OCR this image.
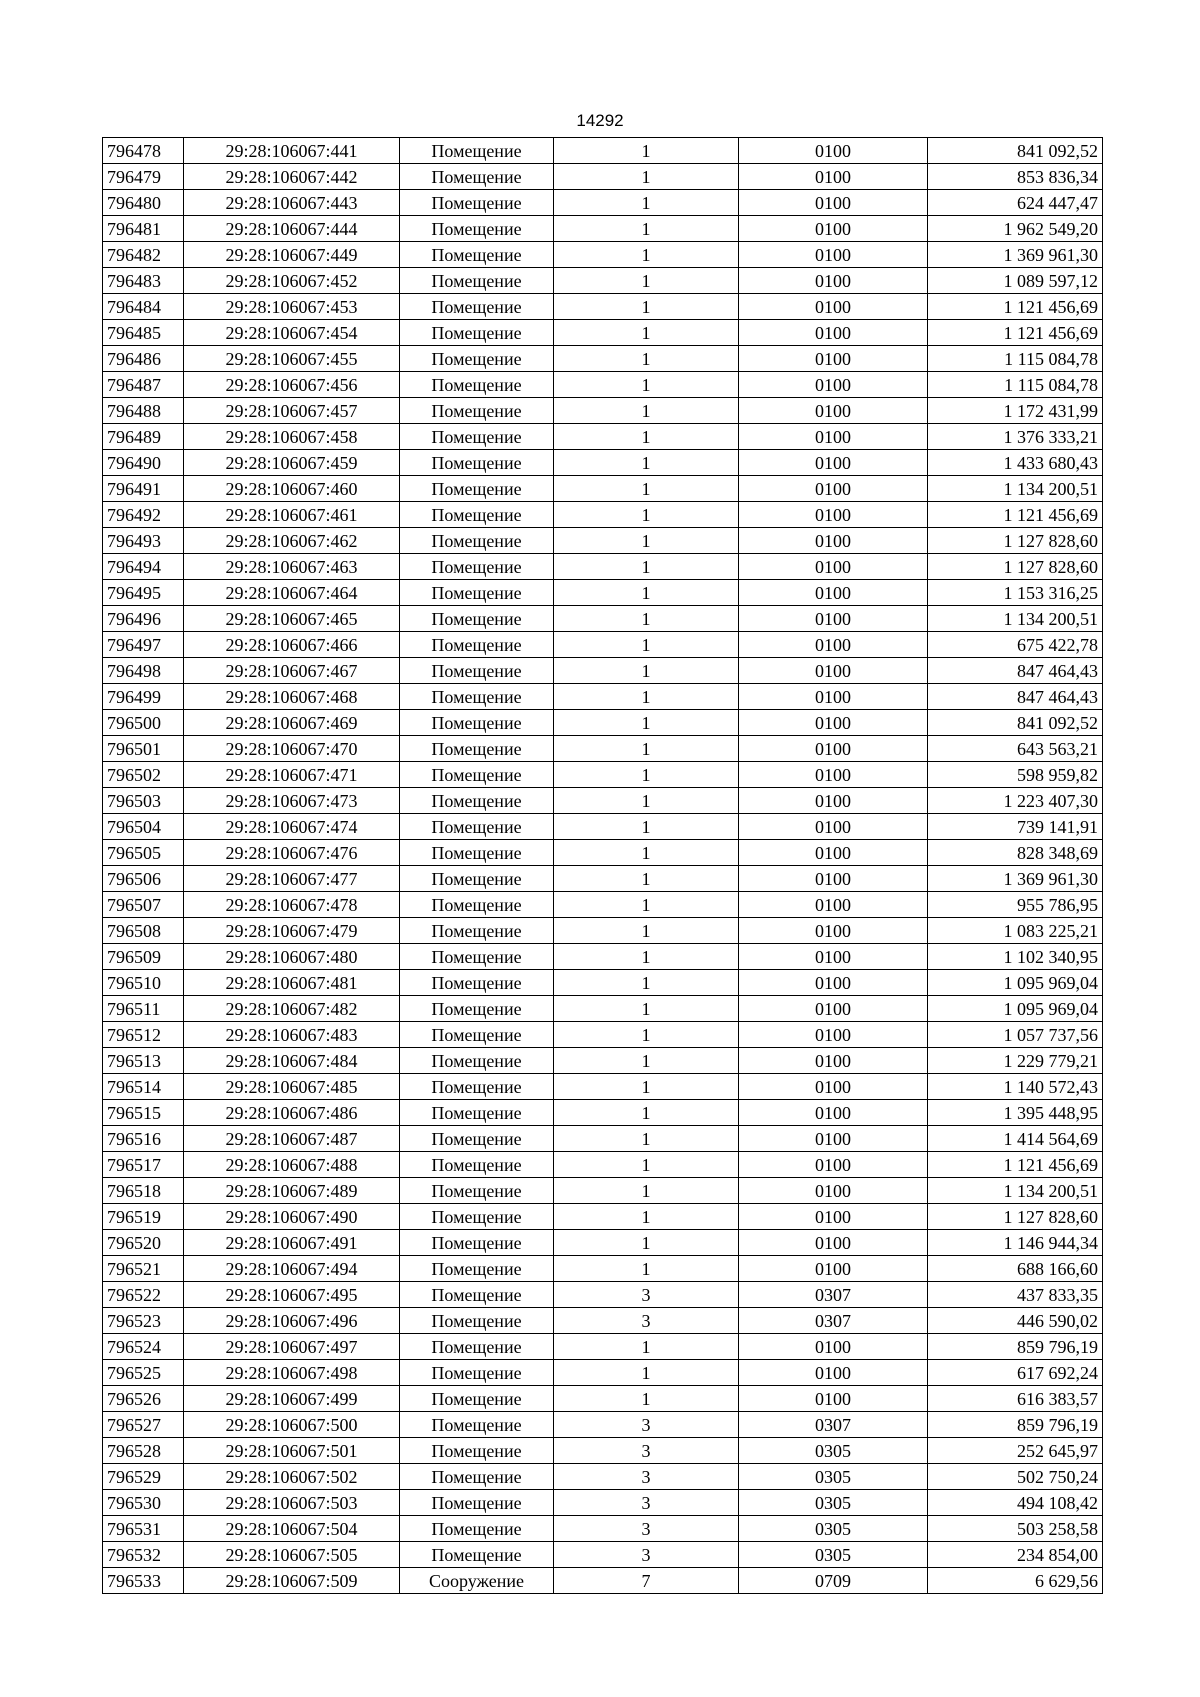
14292
796478	29:28:106067:441	Помещение	1	0100	841 092,52
796479	29:28:106067:442	Помещение	1	0100	853 836,34
796480	29:28:106067:443	Помещение	1	0100	624 447,47
796481	29:28:106067:444	Помещение	1	0100	1 962 549,20
796482	29:28:106067:449	Помещение	1	0100	1 369 961,30
796483	29:28:106067:452	Помещение	1	0100	1 089 597,12
796484	29:28:106067:453	Помещение	1	0100	1 121 456,69
796485	29:28:106067:454	Помещение	1	0100	1 121 456,69
796486	29:28:106067:455	Помещение	1	0100	1 115 084,78
796487	29:28:106067:456	Помещение	1	0100	1 115 084,78
796488	29:28:106067:457	Помещение	1	0100	1 172 431,99
796489	29:28:106067:458	Помещение	1	0100	1 376 333,21
796490	29:28:106067:459	Помещение	1	0100	1 433 680,43
796491	29:28:106067:460	Помещение	1	0100	1 134 200,51
796492	29:28:106067:461	Помещение	1	0100	1 121 456,69
796493	29:28:106067:462	Помещение	1	0100	1 127 828,60
796494	29:28:106067:463	Помещение	1	0100	1 127 828,60
796495	29:28:106067:464	Помещение	1	0100	1 153 316,25
796496	29:28:106067:465	Помещение	1	0100	1 134 200,51
796497	29:28:106067:466	Помещение	1	0100	675 422,78
796498	29:28:106067:467	Помещение	1	0100	847 464,43
796499	29:28:106067:468	Помещение	1	0100	847 464,43
796500	29:28:106067:469	Помещение	1	0100	841 092,52
796501	29:28:106067:470	Помещение	1	0100	643 563,21
796502	29:28:106067:471	Помещение	1	0100	598 959,82
796503	29:28:106067:473	Помещение	1	0100	1 223 407,30
796504	29:28:106067:474	Помещение	1	0100	739 141,91
796505	29:28:106067:476	Помещение	1	0100	828 348,69
796506	29:28:106067:477	Помещение	1	0100	1 369 961,30
796507	29:28:106067:478	Помещение	1	0100	955 786,95
796508	29:28:106067:479	Помещение	1	0100	1 083 225,21
796509	29:28:106067:480	Помещение	1	0100	1 102 340,95
796510	29:28:106067:481	Помещение	1	0100	1 095 969,04
796511	29:28:106067:482	Помещение	1	0100	1 095 969,04
796512	29:28:106067:483	Помещение	1	0100	1 057 737,56
796513	29:28:106067:484	Помещение	1	0100	1 229 779,21
796514	29:28:106067:485	Помещение	1	0100	1 140 572,43
796515	29:28:106067:486	Помещение	1	0100	1 395 448,95
796516	29:28:106067:487	Помещение	1	0100	1 414 564,69
796517	29:28:106067:488	Помещение	1	0100	1 121 456,69
796518	29:28:106067:489	Помещение	1	0100	1 134 200,51
796519	29:28:106067:490	Помещение	1	0100	1 127 828,60
796520	29:28:106067:491	Помещение	1	0100	1 146 944,34
796521	29:28:106067:494	Помещение	1	0100	688 166,60
796522	29:28:106067:495	Помещение	3	0307	437 833,35
796523	29:28:106067:496	Помещение	3	0307	446 590,02
796524	29:28:106067:497	Помещение	1	0100	859 796,19
796525	29:28:106067:498	Помещение	1	0100	617 692,24
796526	29:28:106067:499	Помещение	1	0100	616 383,57
796527	29:28:106067:500	Помещение	3	0307	859 796,19
796528	29:28:106067:501	Помещение	3	0305	252 645,97
796529	29:28:106067:502	Помещение	3	0305	502 750,24
796530	29:28:106067:503	Помещение	3	0305	494 108,42
796531	29:28:106067:504	Помещение	3	0305	503 258,58
796532	29:28:106067:505	Помещение	3	0305	234 854,00
796533	29:28:106067:509	Сооружение	7	0709	6 629,56
